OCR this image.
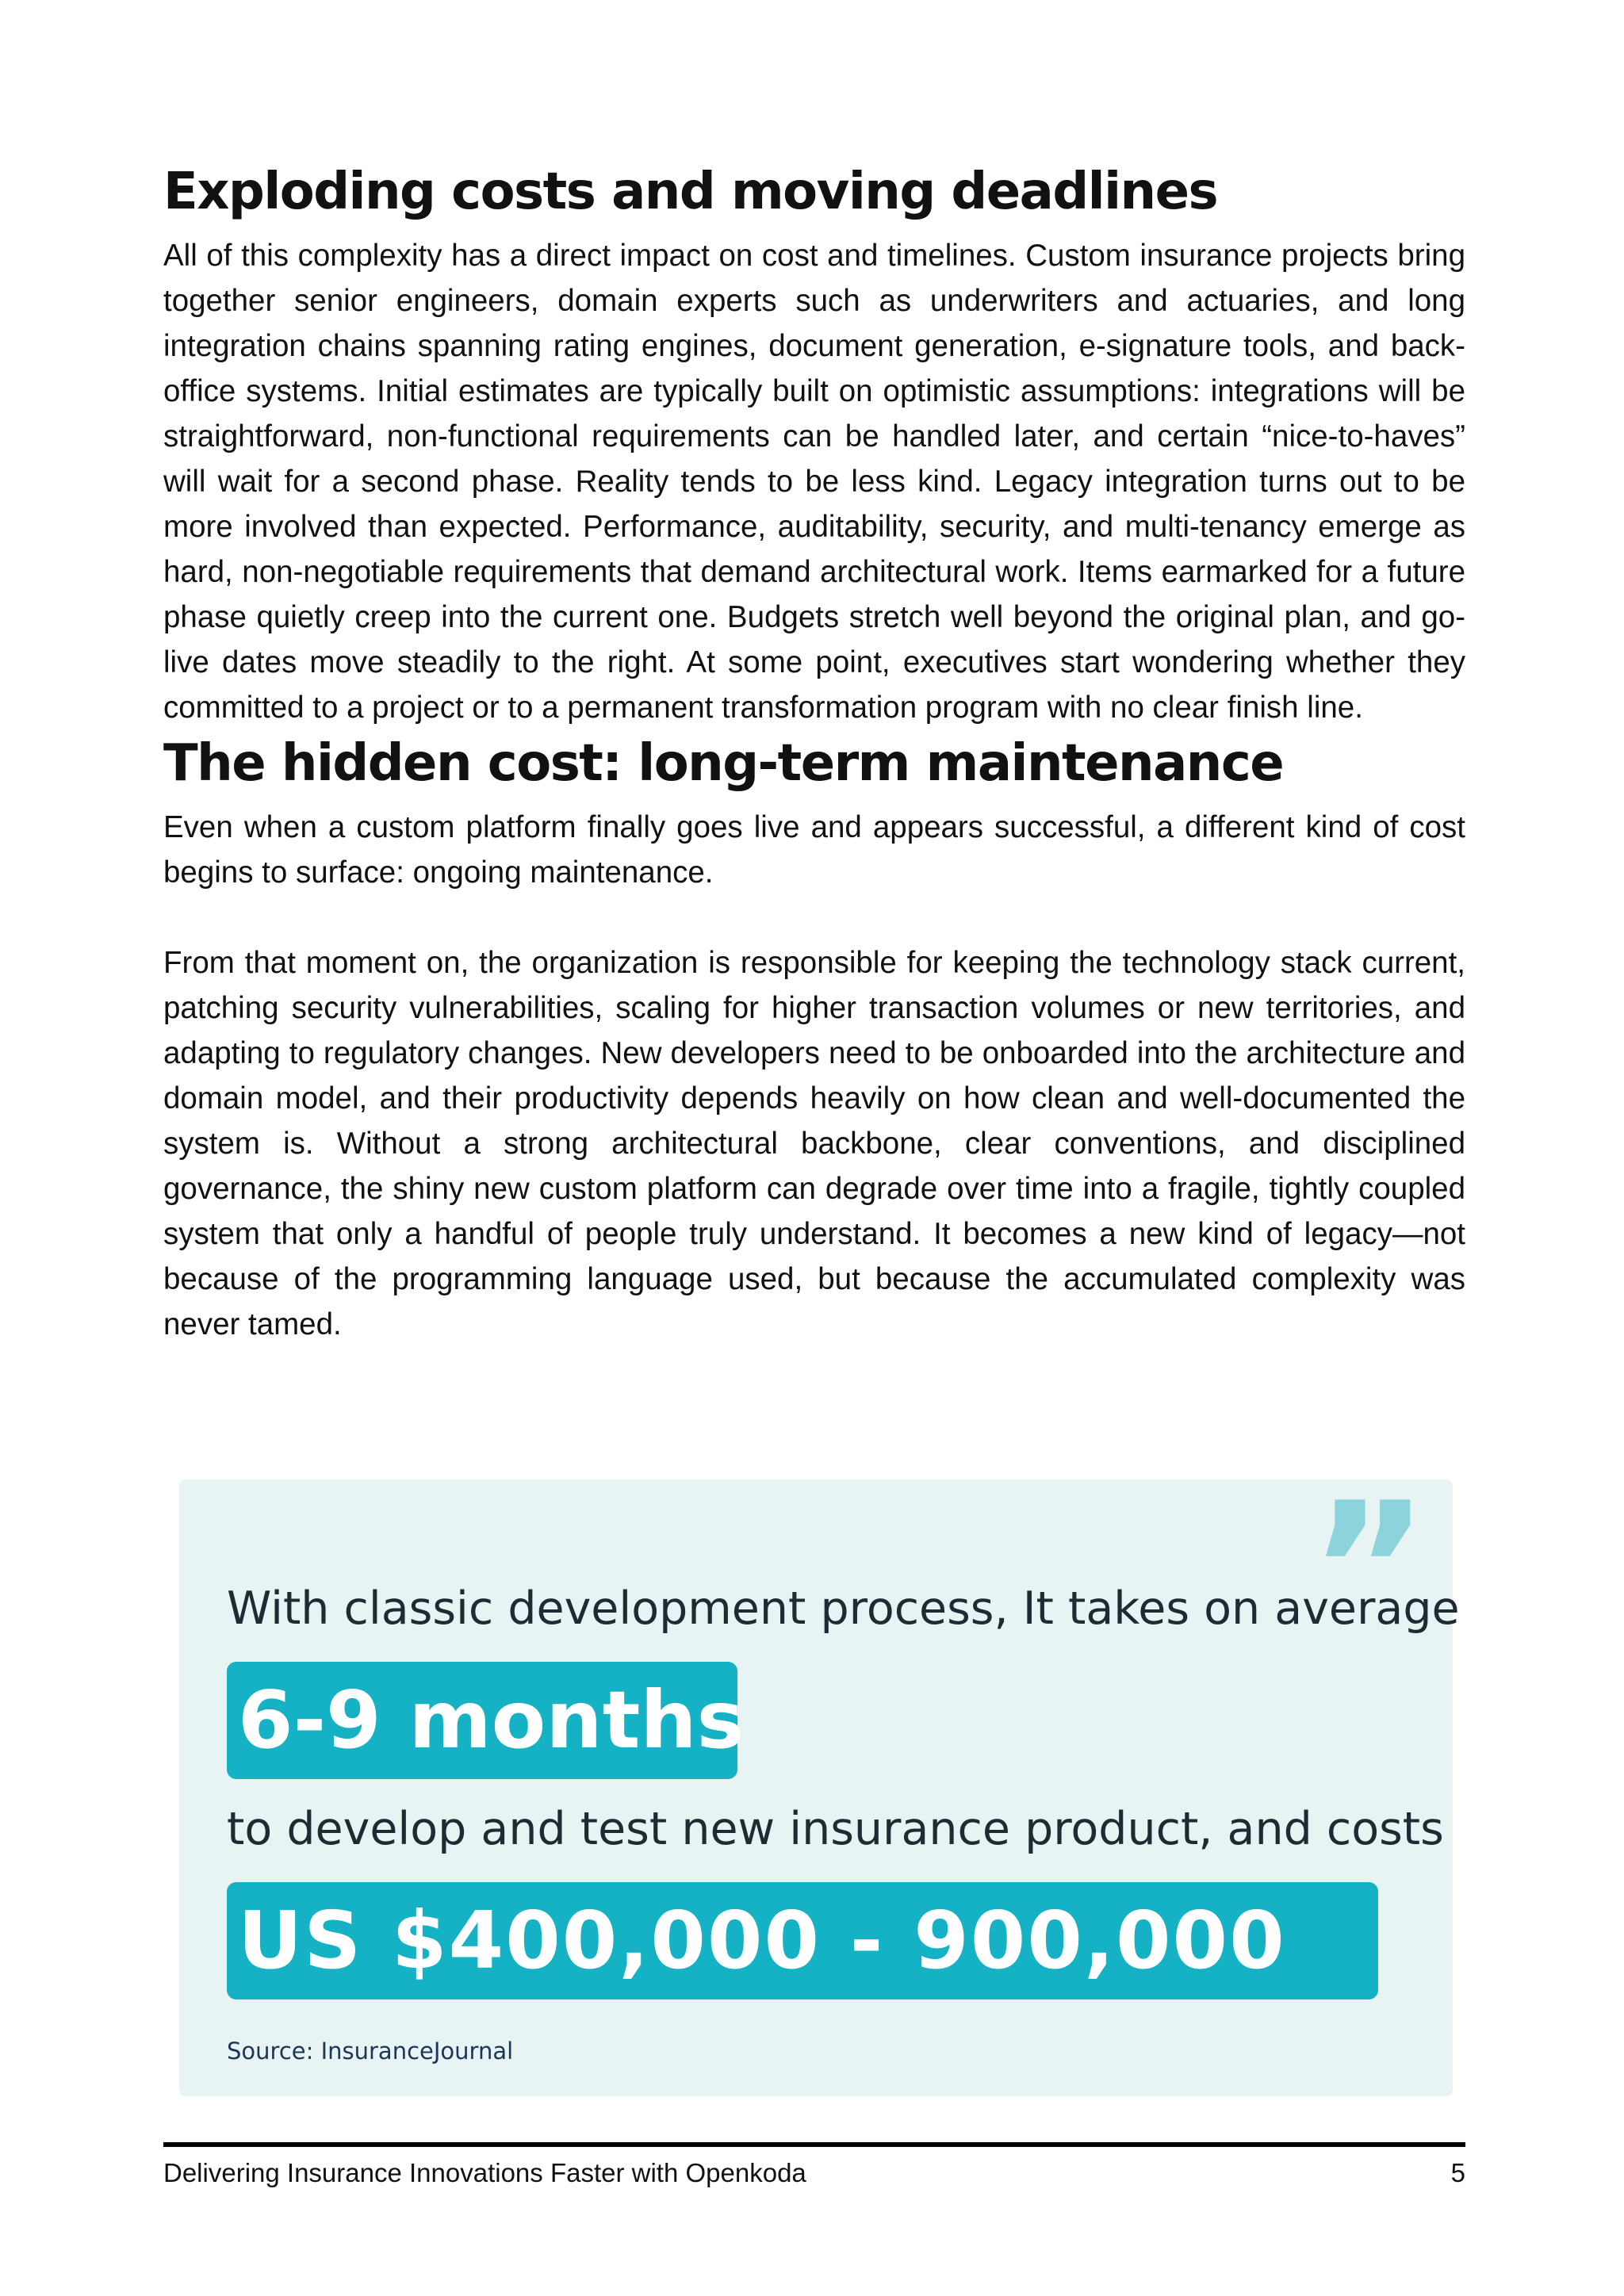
Exploding costs and moving deadlines

All of this complexity has a direct impact on cost and timelines. Custom insurance projects bring together senior engineers, domain experts such as underwriters and actuaries, and long integration chains spanning rating engines, document generation, e-signature tools, and back-office systems. Initial estimates are typically built on optimistic assumptions: integrations will be straightforward, non-functional requirements can be handled later, and certain “nice-to-haves” will wait for a second phase. Reality tends to be less kind. Legacy integration turns out to be more involved than expected. Performance, auditability, security, and multi-tenancy emerge as hard, non-negotiable requirements that demand architectural work. Items earmarked for a future phase quietly creep into the current one. Budgets stretch well beyond the original plan, and go-live dates move steadily to the right. At some point, executives start wondering whether they committed to a project or to a permanent transformation program with no clear finish line.

The hidden cost: long-term maintenance

Even when a custom platform finally goes live and appears successful, a different kind of cost begins to surface: ongoing maintenance.

From that moment on, the organization is responsible for keeping the technology stack current, patching security vulnerabilities, scaling for higher transaction volumes or new territories, and adapting to regulatory changes. New developers need to be onboarded into the architecture and domain model, and their productivity depends heavily on how clean and well-documented the system is. Without a strong architectural backbone, clear conventions, and disciplined governance, the shiny new custom platform can degrade over time into a fragile, tightly coupled system that only a handful of people truly understand. It becomes a new kind of legacy—not because of the programming language used, but because the accumulated complexity was never tamed.

”
With classic development process, It takes on average
6-9 months
to develop and test new insurance product, and costs
US $400,000 - 900,000
Source: InsuranceJournal
Delivering Insurance Innovations Faster with Openkoda	5
